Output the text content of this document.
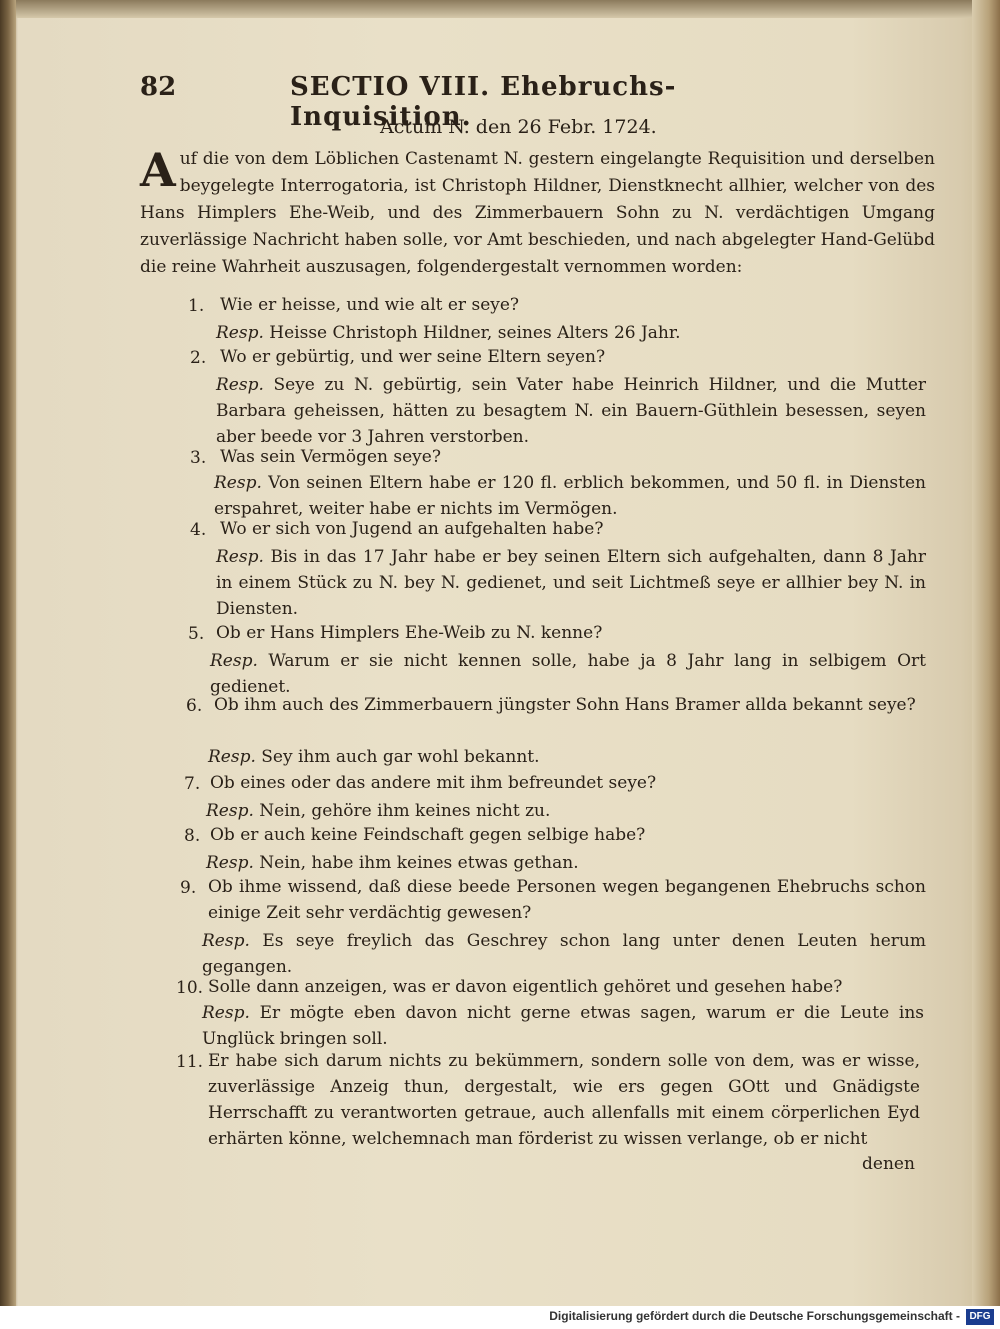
82	SECTIO VIII. Ehebruchs-Inquisition.
Actum N. den 26 Febr. 1724.
Auf die von dem Löblichen Castenamt N. gestern eingelangte Requisition und derselben beygelegte Interrogatoria, ist Christoph Hildner, Dienstknecht allhier, welcher von des Hans Himplers Ehe-Weib, und des Zimmerbauern Sohn zu N. verdächtigen Umgang zuverlässige Nachricht haben solle, vor Amt beschieden, und nach abgelegter Hand-Gelübd die reine Wahrheit auszusagen, folgendergestalt vernommen worden:
1. Wie er heisse, und wie alt er seye?
Resp. Heisse Christoph Hildner, seines Alters 26 Jahr.
2. Wo er gebürtig, und wer seine Eltern seyen?
Resp. Seye zu N. gebürtig, sein Vater habe Heinrich Hildner, und die Mutter Barbara geheissen, hätten zu besagtem N. ein Bauern-Güthlein besessen, seyen aber beede vor 3 Jahren verstorben.
3. Was sein Vermögen seye?
Resp. Von seinen Eltern habe er 120 fl. erblich bekommen, und 50 fl. in Diensten erspahret, weiter habe er nichts im Vermögen.
4. Wo er sich von Jugend an aufgehalten habe?
Resp. Bis in das 17 Jahr habe er bey seinen Eltern sich aufgehalten, dann 8 Jahr in einem Stück zu N. bey N. gedienet, und seit Lichtmeß seye er allhier bey N. in Diensten.
5. Ob er Hans Himplers Ehe-Weib zu N. kenne?
Resp. Warum er sie nicht kennen solle, habe ja 8 Jahr lang in selbigem Ort gedienet.
6. Ob ihm auch des Zimmerbauern jüngster Sohn Hans Bramer allda bekannt seye?
Resp. Sey ihm auch gar wohl bekannt.
7. Ob eines oder das andere mit ihm befreundet seye?
Resp. Nein, gehöre ihm keines nicht zu.
8. Ob er auch keine Feindschaft gegen selbige habe?
Resp. Nein, habe ihm keines etwas gethan.
9. Ob ihme wissend, daß diese beede Personen wegen begangenen Ehebruchs schon einige Zeit sehr verdächtig gewesen?
Resp. Es seye freylich das Geschrey schon lang unter denen Leuten herum gegangen.
10. Solle dann anzeigen, was er davon eigentlich gehöret und gesehen habe?
Resp. Er mögte eben davon nicht gerne etwas sagen, warum er die Leute ins Unglück bringen soll.
11. Er habe sich darum nichts zu bekümmern, sondern solle von dem, was er wisse, zuverlässige Anzeig thun, dergestalt, wie ers gegen GOtt und Gnädigste Herrschafft zu verantworten getraue, auch allenfalls mit einem cörperlichen Eyd erhärten könne, welchemnach man förderist zu wissen verlange, ob er nicht
denen
Digitalisierung gefördert durch die Deutsche Forschungsgemeinschaft - DFG
